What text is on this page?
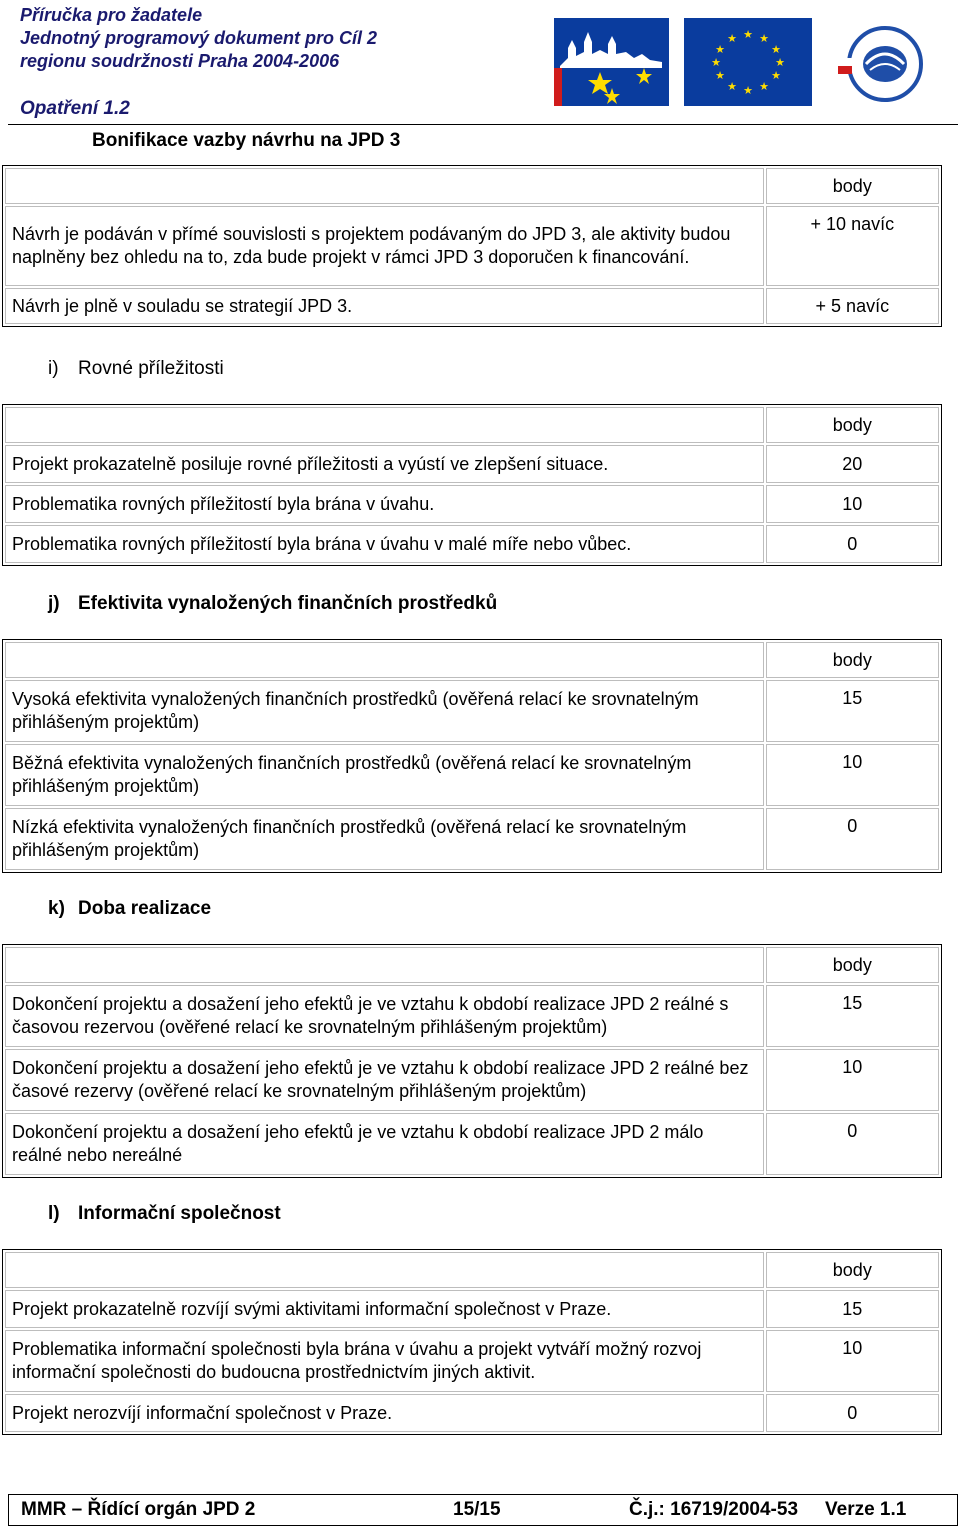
Příručka pro žadatele
Jednotný programový dokument pro Cíl 2
regionu soudržnosti Praha 2004-2006
Opatření 1.2
★ ★
★
★
★
★
★
★
★
★
★
★
Bonifikace vazby návrhu na JPD 3
	body
Návrh je podáván v přímé souvislosti s projektem podávaným do JPD 3, ale aktivity budou naplněny bez ohledu na to, zda bude projekt v rámci JPD 3 doporučen k financování.	+ 10 navíc
Návrh je plně v souladu se strategií JPD 3.	+ 5 navíc
i) Rovné příležitosti
	body
Projekt prokazatelně posiluje rovné příležitosti a vyústí ve zlepšení situace.	20
Problematika rovných příležitostí byla brána v úvahu.	10
Problematika rovných příležitostí byla brána v úvahu v malé míře nebo vůbec.	0
j) Efektivita vynaložených finančních prostředků
	body
Vysoká efektivita vynaložených finančních prostředků (ověřená relací ke srovnatelným přihlášeným projektům)	15
Běžná efektivita vynaložených finančních prostředků (ověřená relací ke srovnatelným přihlášeným projektům)	10
Nízká efektivita vynaložených finančních prostředků (ověřená relací ke srovnatelným přihlášeným projektům)	0
k) Doba realizace
	body
Dokončení projektu a dosažení jeho efektů je ve vztahu k období realizace JPD 2 reálné s časovou rezervou (ověřené relací ke srovnatelným přihlášeným projektům)	15
Dokončení projektu a dosažení jeho efektů je ve vztahu k období realizace JPD 2 reálné bez časové rezervy (ověřené relací ke srovnatelným přihlášeným projektům)	10
Dokončení projektu a dosažení jeho efektů je ve vztahu k období realizace JPD 2 málo reálné nebo nereálné	0
l) Informační společnost
	body
Projekt prokazatelně rozvíjí svými aktivitami informační společnost v Praze.	15
Problematika informační společnosti byla brána v úvahu a projekt vytváří možný rozvoj informační společnosti do budoucna prostřednictvím jiných aktivit.	10
Projekt nerozvíjí informační společnost v Praze.	0
MMR – Řídící orgán JPD 2	15/15	Č.j.: 16719/2004-53 Verze 1.1
